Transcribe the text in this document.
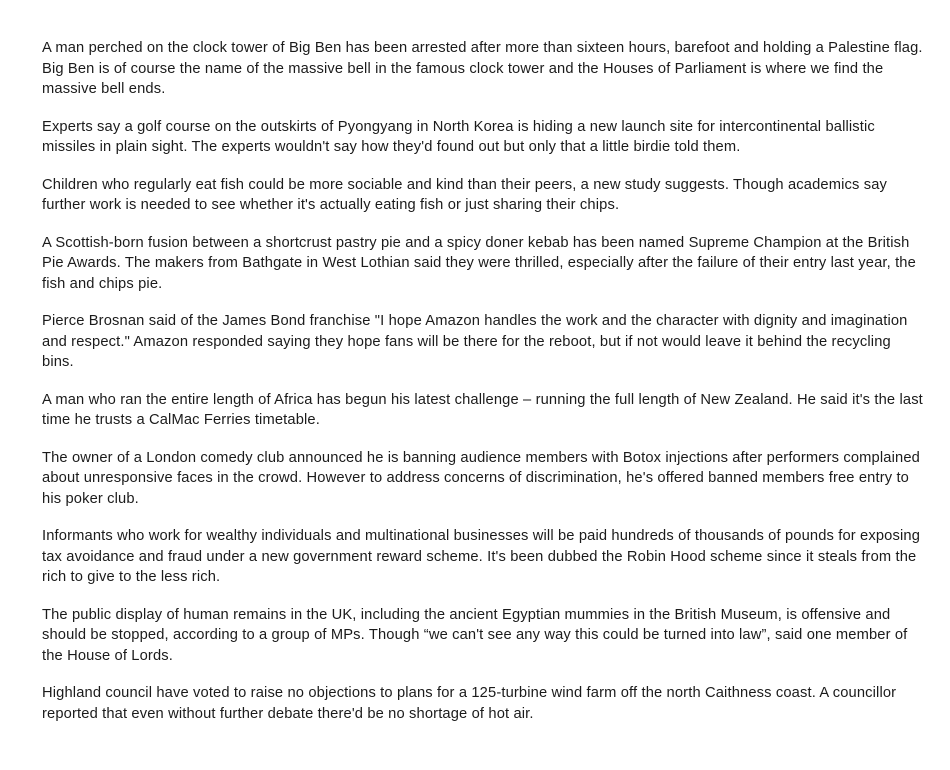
A man perched on the clock tower of Big Ben has been arrested after more than sixteen hours, barefoot and holding a Palestine flag. Big Ben is of course the name of the massive bell in the famous clock tower and the Houses of Parliament is where we find the massive bell ends.

Experts say a golf course on the outskirts of Pyongyang in North Korea is hiding a new launch site for intercontinental ballistic missiles in plain sight. The experts wouldn't say how they'd found out but only that a little birdie told them.

Children who regularly eat fish could be more sociable and kind than their peers, a new study suggests. Though academics say further work is needed to see whether it's actually eating fish or just sharing their chips.

A Scottish-born fusion between a shortcrust pastry pie and a spicy doner kebab has been named Supreme Champion at the British Pie Awards. The makers from Bathgate in West Lothian said they were thrilled, especially after the failure of their entry last year, the fish and chips pie.

Pierce Brosnan said of the James Bond franchise "I hope Amazon handles the work and the character with dignity and imagination and respect." Amazon responded saying they hope fans will be there for the reboot, but if not would leave it behind the recycling bins.

A man who ran the entire length of Africa has begun his latest challenge – running the full length of New Zealand. He said it's the last time he trusts a CalMac Ferries timetable.

The owner of a London comedy club announced he is banning audience members with Botox injections after performers complained about unresponsive faces in the crowd. However to address concerns of discrimination, he's offered banned members free entry to his poker club.

Informants who work for wealthy individuals and multinational businesses will be paid hundreds of thousands of pounds for exposing tax avoidance and fraud under a new government reward scheme. It's been dubbed the Robin Hood scheme since it steals from the rich to give to the less rich.

The public display of human remains in the UK, including the ancient Egyptian mummies in the British Museum, is offensive and should be stopped, according to a group of MPs. Though “we can't see any way this could be turned into law”, said one member of the House of Lords.

Highland council have voted to raise no objections to plans for a 125-turbine wind farm off the north Caithness coast. A councillor reported that even without further debate there'd be no shortage of hot air.
